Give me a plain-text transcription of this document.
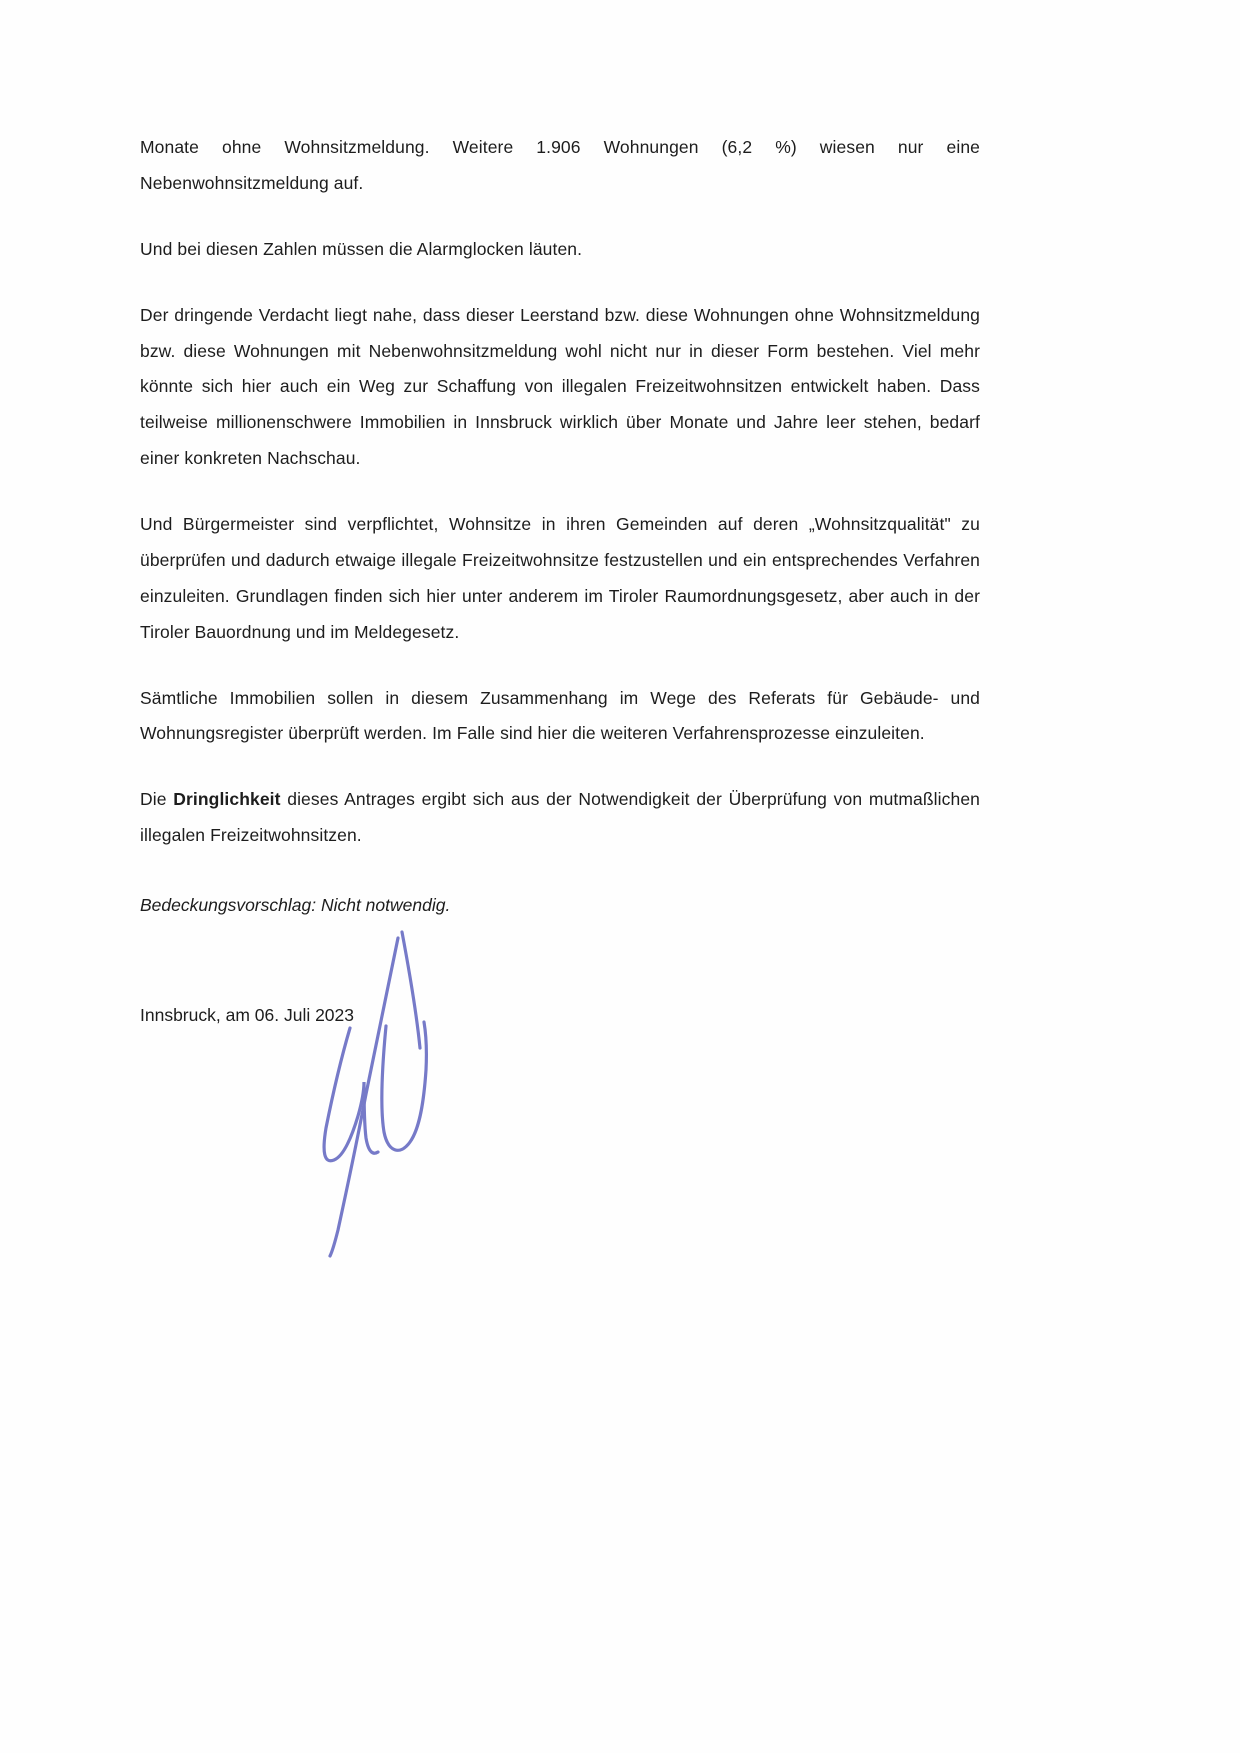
Monate ohne Wohnsitzmeldung. Weitere 1.906 Wohnungen (6,2 %) wiesen nur eine Nebenwohnsitzmeldung auf.

Und bei diesen Zahlen müssen die Alarmglocken läuten.

Der dringende Verdacht liegt nahe, dass dieser Leerstand bzw. diese Wohnungen ohne Wohnsitzmeldung bzw. diese Wohnungen mit Nebenwohnsitzmeldung wohl nicht nur in dieser Form bestehen. Viel mehr könnte sich hier auch ein Weg zur Schaffung von illegalen Freizeitwohnsitzen entwickelt haben. Dass teilweise millionenschwere Immobilien in Innsbruck wirklich über Monate und Jahre leer stehen, bedarf einer konkreten Nachschau.

Und Bürgermeister sind verpflichtet, Wohnsitze in ihren Gemeinden auf deren „Wohnsitzqualität" zu überprüfen und dadurch etwaige illegale Freizeitwohnsitze festzustellen und ein entsprechendes Verfahren einzuleiten. Grundlagen finden sich hier unter anderem im Tiroler Raumordnungsgesetz, aber auch in der Tiroler Bauordnung und im Meldegesetz.

Sämtliche Immobilien sollen in diesem Zusammenhang im Wege des Referats für Gebäude- und Wohnungsregister überprüft werden. Im Falle sind hier die weiteren Verfahrensprozesse einzuleiten.

Die Dringlichkeit dieses Antrages ergibt sich aus der Notwendigkeit der Überprüfung von mutmaßlichen illegalen Freizeitwohnsitzen.

Bedeckungsvorschlag: Nicht notwendig.

Innsbruck, am 06. Juli 2023
